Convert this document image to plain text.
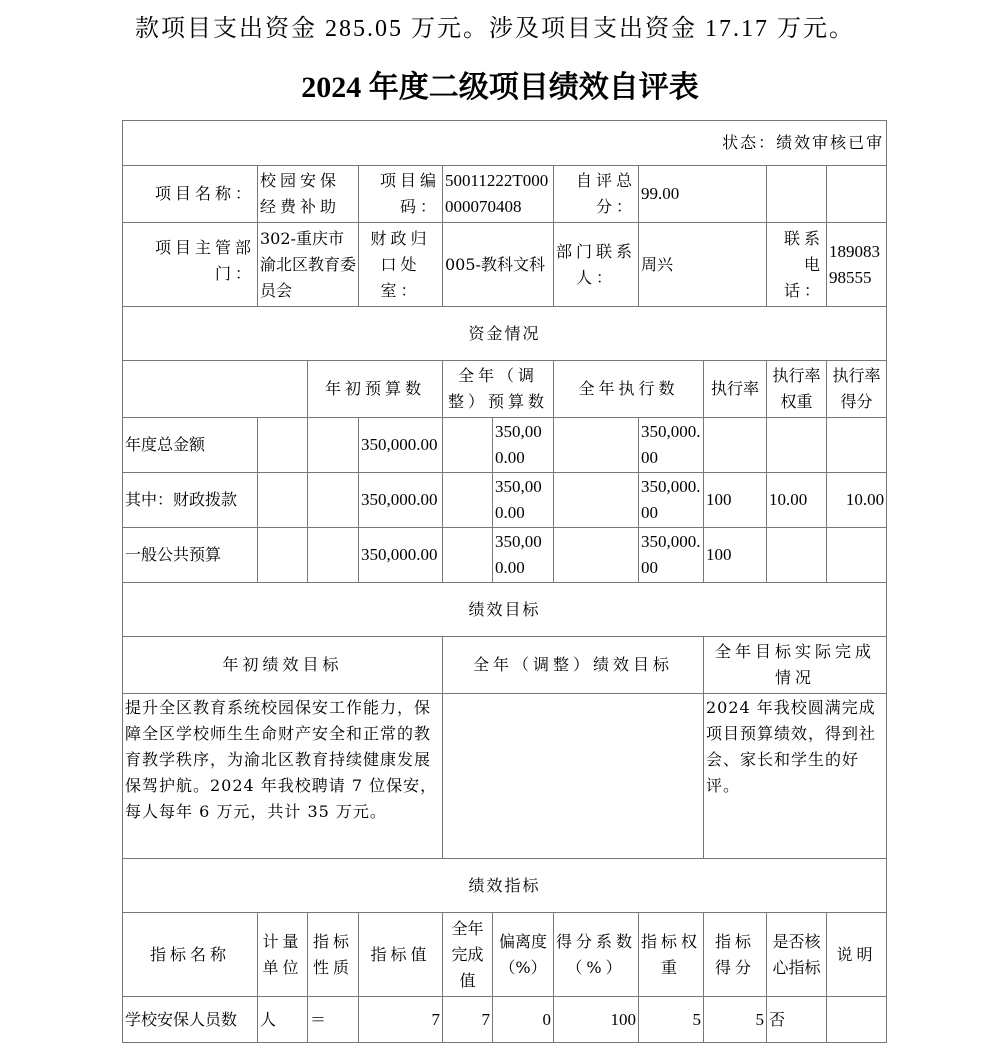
款项目支出资金 285.05 万元。涉及项目支出资金 17.17 万元。
2024 年度二级项目绩效自评表
状态：绩效审核已审										
项目名称：	校园安保经费补助		项目编码：	50011222T000000070408		自评总分：	99.00			
项目主管部门：	302-重庆市渝北区教育委员会		财政归口处室：	005-教科文科		部门联系人：	周兴		联系电话：	18908398555
资金情况										
		年初预算数		全年（调整）预算数		全年执行数		执行率	执行率权重	执行率得分
年度总金额			350,000.00		350,000.00		350,000.00			
其中：财政拨款			350,000.00		350,000.00		350,000.00	100	10.00	10.00
一般公共预算			350,000.00		350,000.00		350,000.00	100		
绩效目标										
年初绩效目标				全年（调整）绩效目标				全年目标实际完成情况		
提升全区教育系统校园保安工作能力，保障全区学校师生生命财产安全和正常的教育教学秩序，为渝北区教育持续健康发展保驾护航。2024 年我校聘请 7 位保安，每人每年 6 万元，共计 35 万元。								2024 年我校圆满完成项目预算绩效，得到社会、家长和学生的好评。		
绩效指标										
指标名称	计量单位	指标性质	指标值	全年完成值	偏离度（%）	得分系数（%）	指标权重	指标得分	是否核心指标	说明
学校安保人员数	人	＝	7	7	0	100	5	5	否	
